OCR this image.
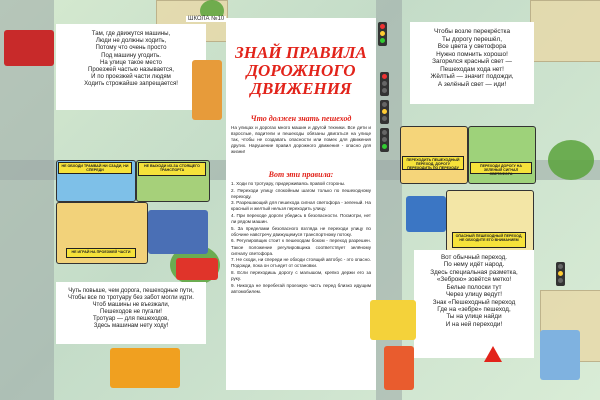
ШКОЛА №10
Там, где движутся машины,
Люди не должны ходить,
Потому что очень просто
Под машину угодить.
На улице такое место
Проезжей частью называется,
И по проезжей части людям
Ходить строжайше запрещается!
НЕ ОБХОДИ ТРАМВАЙ НИ СЗАДИ, НИ СПЕРЕДИ
НЕ ВЫХОДИ ИЗ-ЗА СТОЯЩЕГО ТРАНСПОРТА
НЕ ИГРАЙ НА ПРОЕЗЖЕЙ ЧАСТИ
Чуть повыше, чем дорога, пешеходные пути,
Чтобы все по тротуару без забот могли идти.
Чтоб машины не въезжали,
Пешеходов не пугали!
Тротуар — для пешеходов,
Здесь машинам нету ходу!
ЗНАЙ ПРАВИЛА
ДОРОЖНОГО
ДВИЖЕНИЯ
Что должен знать пешеход

На улицах и дорогах много машин и другой техники. Все дети и взрослые, водители и пешеходы обязаны двигаться на улице так, чтобы не создавать опасности или помех для движения других. Нарушение правил дорожного движения - опасно для жизни!

Вот эти правила:

1. Ходи по тротуару, придерживаясь правой стороны.

2. Переходи улицу спокойным шагом только по пешеходному переходу.

3. Разрешающий для пешехода сигнал светофора - зеленый. На красный и желтый нельзя переходить улицу.

4. При переходе дороги убедись в безопасности. Посмотри, нет ли рядом машин.

5. За пределами безопасного взгляда не переходи улицу по обочине навстречу движущемуся транспортному потоку.

6. Регулировщик стоит к пешеходам боком - переход разрешен. Такое положение регулировщика соответствует зелёному сигналу светофора.

7. Не сходи, ни спереди не обходи стоящий автобус - это опасно. Подожди, пока он отъедет от остановки.

8. Если переходишь дорогу с малышом, крепко держи его за руку.

9. Никогда не перебегай проезжую часть перед близко идущим автомобилем.

Чтобы возле перекрёстка
Ты дорогу перешёл,
Все цвета у светофора
Нужно помнить хорошо!
Загорелся красный свет —
Пешеходам хода нет!
Жёлтый — значит подожди,
А зелёный свет — иди!
ПЕРЕХОДИТЬ ПЕШЕХОДНЫЙ ПЕРЕХОД, ДОРОГУ ПЕРЕХОДИТЬ ПО ПЕРЕХОДУ
ПЕРЕХОДИ ДОРОГУ НА ЗЕЛЕНЫЙ СИГНАЛ СВЕТОФОРА
ОПАСНЫЙ ПЕШЕХОДНЫЙ ПЕРЕХОД, НЕ ОБХОДИТЕ ЕГО ВНИМАНИЕМ
Вот обычный переход.
По нему идёт народ.
Здесь специальная разметка,
«Зеброю» зовётся метко!
Белые полоски тут
Через улицу ведут!
Знак «Пешеходный переход
Где на «зебре» пешеход,
Ты на улице найди
И на ней переходи!
